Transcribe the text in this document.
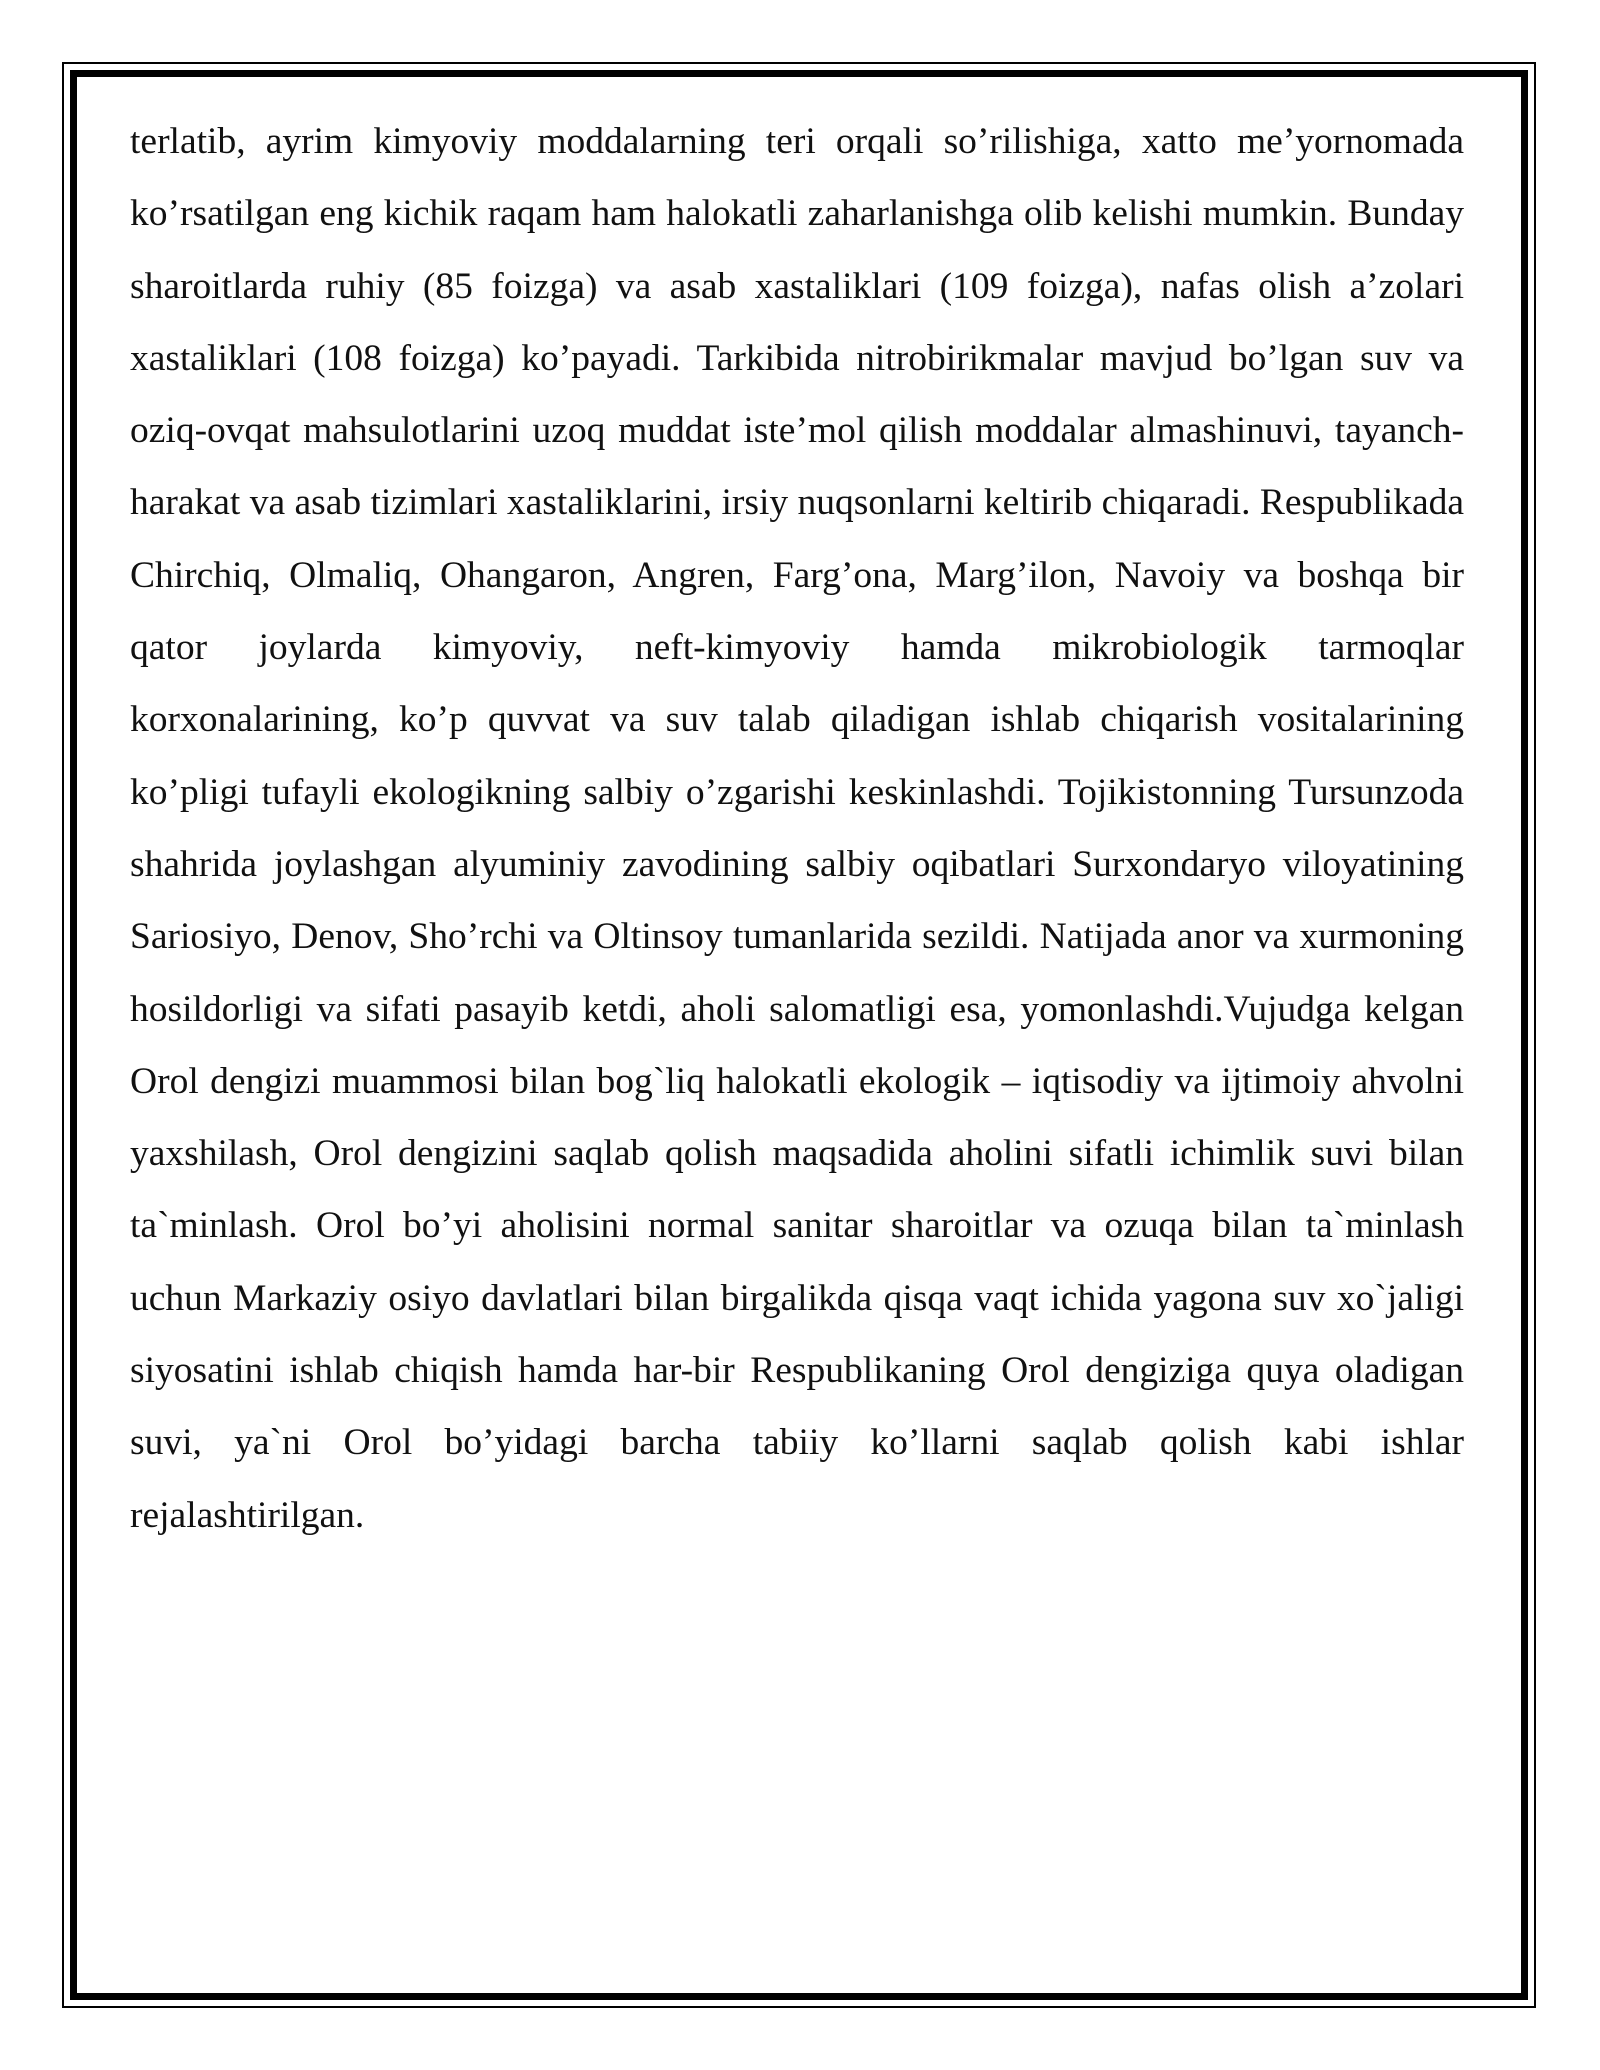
terlatib, ayrim kimyoviy moddalarning teri orqali so’rilishiga, xatto me’yornomada ko’rsatilgan eng kichik raqam ham halokatli zaharlanishga olib kelishi mumkin. Bunday sharoitlarda ruhiy (85 foizga) va asab xastaliklari (109 foizga), nafas olish a’zolari xastaliklari (108 foizga) ko’payadi. Tarkibida nitrobirikmalar mavjud bo’lgan suv va oziq-ovqat mahsulotlarini uzoq muddat iste’mol qilish moddalar almashinuvi, tayanch-harakat va asab tizimlari xastaliklarini, irsiy nuqsonlarni keltirib chiqaradi. Respublikada Chirchiq, Olmaliq, Ohangaron, Angren, Farg’ona, Marg’ilon, Navoiy va boshqa bir qator joylarda kimyoviy, neft-kimyoviy hamda mikrobiologik tarmoqlar korxonalarining, ko’p quvvat va suv talab qiladigan ishlab chiqarish vositalarining ko’pligi tufayli ekologikning salbiy o’zgarishi keskinlashdi. Tojikistonning Tursunzoda shahrida joylashgan alyuminiy zavodining salbiy oqibatlari Surxondaryo viloyatining Sariosiyo, Denov, Sho’rchi va Oltinsoy tumanlarida sezildi. Natijada anor va xurmoning hosildorligi va sifati pasayib ketdi, aholi salomatligi esa, yomonlashdi.Vujudga kelgan Orol dengizi muammosi bilan bog`liq halokatli ekologik – iqtisodiy va ijtimoiy ahvolni yaxshilash, Orol dengizini saqlab qolish maqsadida aholini sifatli ichimlik suvi bilan ta`minlash. Orol bo’yi aholisini normal sanitar sharoitlar va ozuqa bilan ta`minlash uchun Markaziy osiyo davlatlari bilan birgalikda qisqa vaqt ichida yagona suv xo`jaligi siyosatini ishlab chiqish hamda har-bir Respublikaning Orol dengiziga quya oladigan suvi, ya`ni Orol bo’yidagi barcha tabiiy ko’llarni saqlab qolish kabi ishlar rejalashtirilgan.
